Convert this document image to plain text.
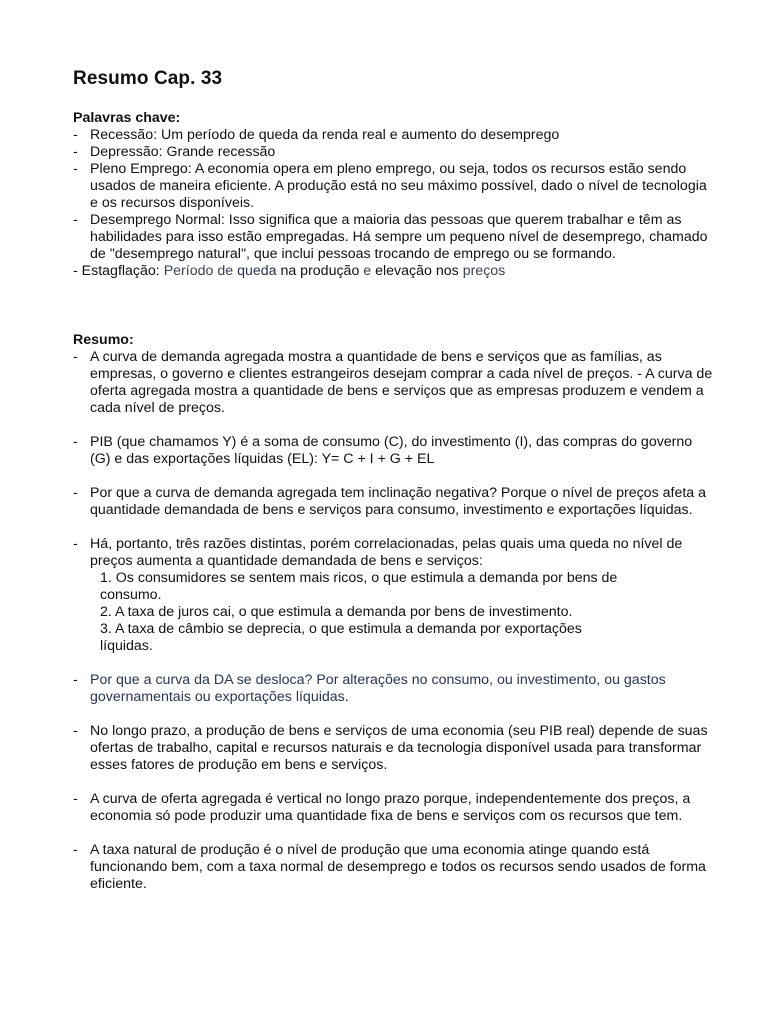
Resumo Cap. 33
Palavras chave:
- Recessão: Um período de queda da renda real e aumento do desemprego
- Depressão: Grande recessão
- Pleno Emprego: A economia opera em pleno emprego, ou seja, todos os recursos estão sendo usados de maneira eficiente. A produção está no seu máximo possível, dado o nível de tecnologia e os recursos disponíveis.
- Desemprego Normal: Isso significa que a maioria das pessoas que querem trabalhar e têm as habilidades para isso estão empregadas. Há sempre um pequeno nível de desemprego, chamado de "desemprego natural", que inclui pessoas trocando de emprego ou se formando.
- Estagflação: Período de queda na produção e elevação nos preços
Resumo:
- A curva de demanda agregada mostra a quantidade de bens e serviços que as famílias, as empresas, o governo e clientes estrangeiros desejam comprar a cada nível de preços. - A curva de oferta agregada mostra a quantidade de bens e serviços que as empresas produzem e vendem a cada nível de preços.
- PIB (que chamamos Y) é a soma de consumo (C), do investimento (I), das compras do governo (G) e das exportações líquidas (EL): Y= C + I + G + EL
- Por que a curva de demanda agregada tem inclinação negativa? Porque o nível de preços afeta a quantidade demandada de bens e serviços para consumo, investimento e exportações líquidas.
- Há, portanto, três razões distintas, porém correlacionadas, pelas quais uma queda no nível de preços aumenta a quantidade demandada de bens e serviços:
1. Os consumidores se sentem mais ricos, o que estimula a demanda por bens de
consumo.
2. A taxa de juros cai, o que estimula a demanda por bens de investimento.
3. A taxa de câmbio se deprecia, o que estimula a demanda por exportações
líquidas.
- Por que a curva da DA se desloca? Por alterações no consumo, ou investimento, ou gastos governamentais ou exportações líquidas.
- No longo prazo, a produção de bens e serviços de uma economia (seu PIB real) depende de suas ofertas de trabalho, capital e recursos naturais e da tecnologia disponível usada para transformar esses fatores de produção em bens e serviços.
- A curva de oferta agregada é vertical no longo prazo porque, independentemente dos preços, a economia só pode produzir uma quantidade fixa de bens e serviços com os recursos que tem.
- A taxa natural de produção é o nível de produção que uma economia atinge quando está funcionando bem, com a taxa normal de desemprego e todos os recursos sendo usados de forma eficiente.
